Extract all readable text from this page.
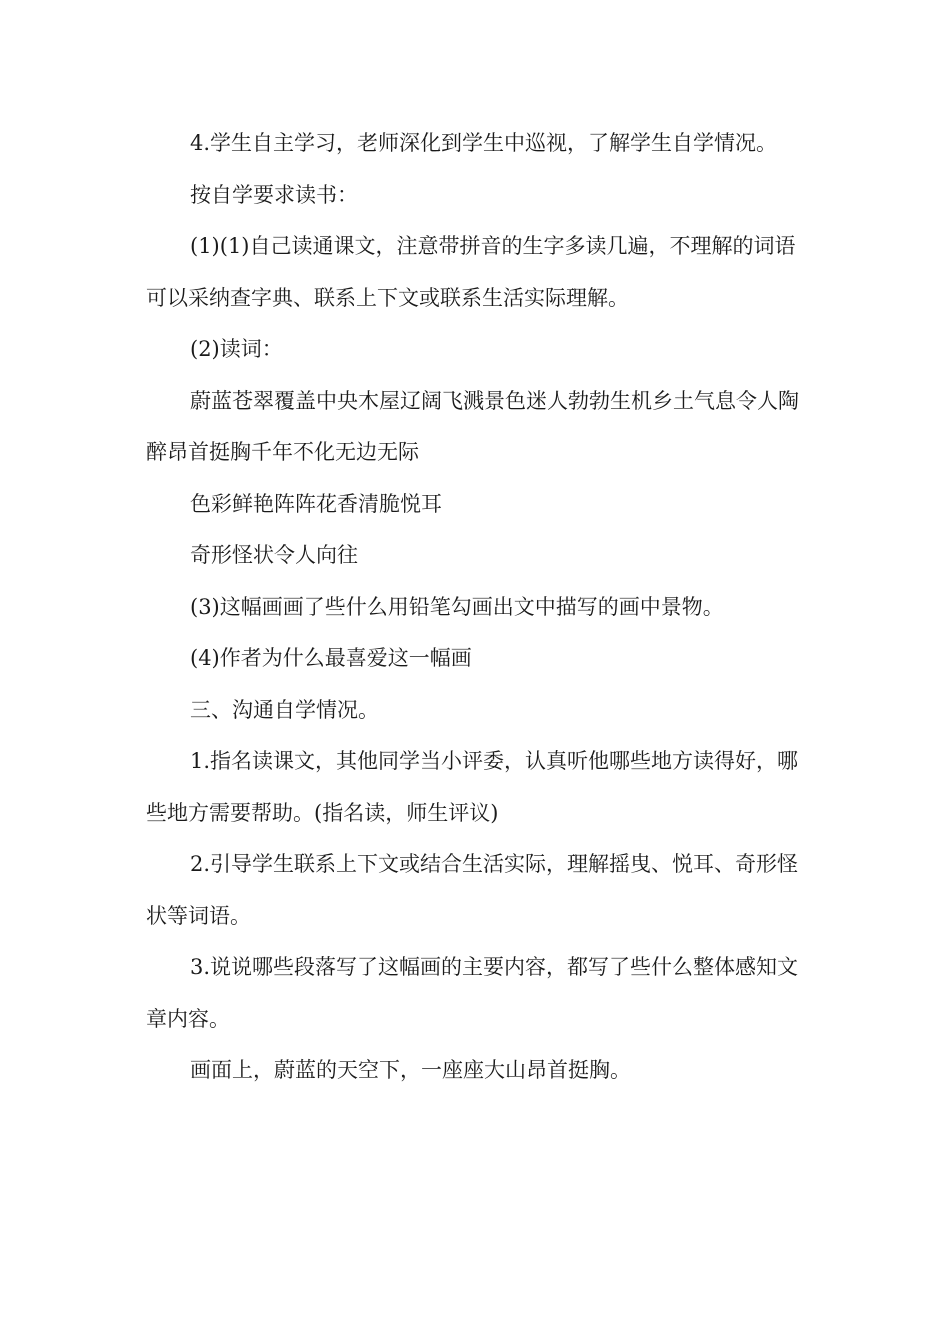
4.学生自主学习，老师深化到学生中巡视，了解学生自学情况。

按自学要求读书：

(1)(1)自己读通课文，注意带拼音的生字多读几遍，不理解的词语可以采纳查字典、联系上下文或联系生活实际理解。

(2)读词：

蔚蓝苍翠覆盖中央木屋辽阔飞溅景色迷人勃勃生机乡土气息令人陶醉昂首挺胸千年不化无边无际

色彩鲜艳阵阵花香清脆悦耳

奇形怪状令人向往

(3)这幅画画了些什么用铅笔勾画出文中描写的画中景物。

(4)作者为什么最喜爱这一幅画

三、沟通自学情况。

1.指名读课文，其他同学当小评委，认真听他哪些地方读得好，哪些地方需要帮助。(指名读，师生评议)

2.引导学生联系上下文或结合生活实际，理解摇曳、悦耳、奇形怪状等词语。

3.说说哪些段落写了这幅画的主要内容，都写了些什么整体感知文章内容。

画面上，蔚蓝的天空下，一座座大山昂首挺胸。
